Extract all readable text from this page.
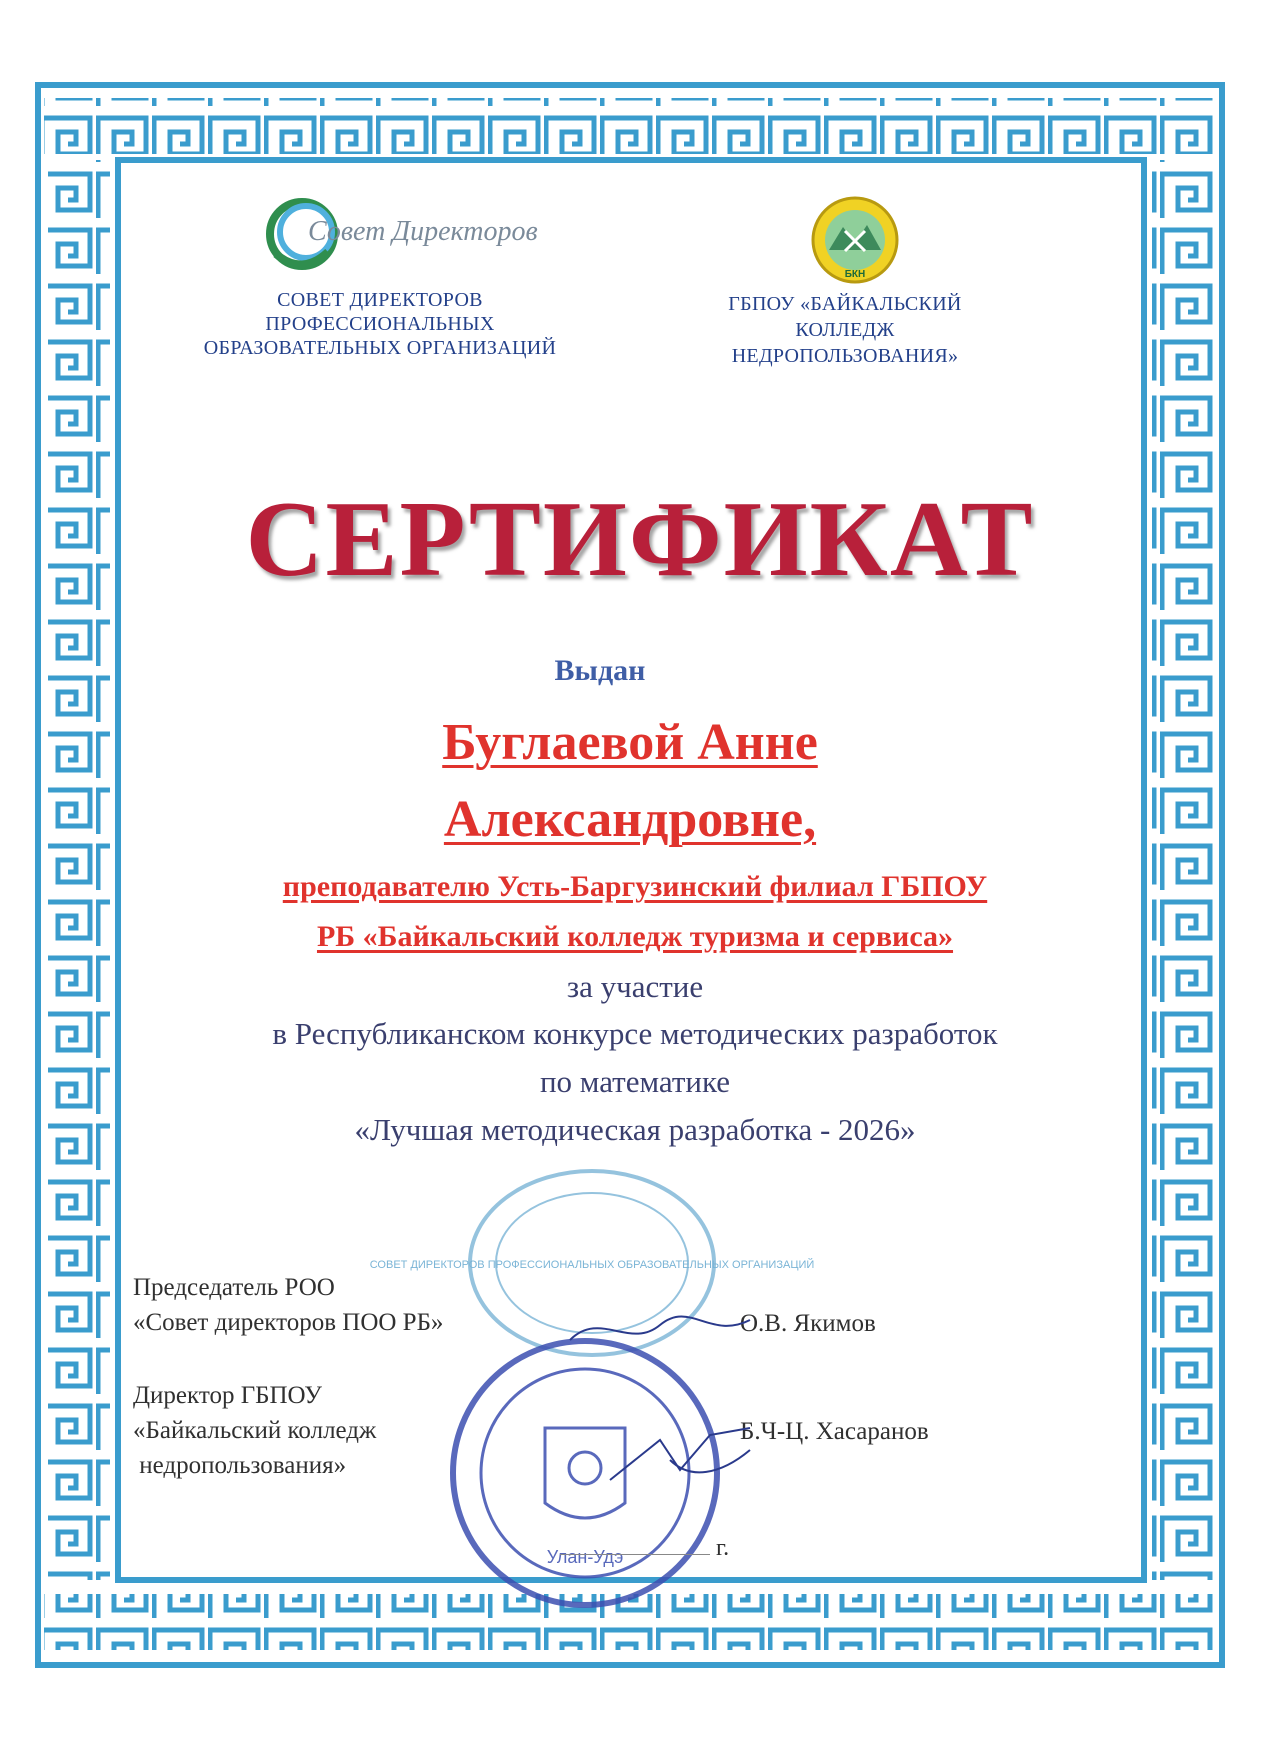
Совет Директоров
БКН
СОВЕТ ДИРЕКТОРОВ
ПРОФЕССИОНАЛЬНЫХ
ОБРАЗОВАТЕЛЬНЫХ ОРГАНИЗАЦИЙ
ГБПОУ «БАЙКАЛЬСКИЙ
КОЛЛЕДЖ
НЕДРОПОЛЬЗОВАНИЯ»
СЕРТИФИКАТ
Выдан
Буглаевой Анне
Александровне,
преподавателю Усть-Баргузинский филиал ГБПОУ
РБ «Байкальский колледж туризма и сервиса»
за участие
в Республиканском конкурсе методических разработок
по математике
«Лучшая методическая разработка - 2026»
СОВЕТ ДИРЕКТОРОВ ПРОФЕССИОНАЛЬНЫХ ОБРАЗОВАТЕЛЬНЫХ ОРГАНИЗАЦИЙ
Председатель РОО
«Совет директоров ПОО РБ»	О.В. Якимов
Директор ГБПОУ
«Байкальский колледж
недропользования»
Б.Ч-Ц. Хасаранов
Улан-Удэ	г.
